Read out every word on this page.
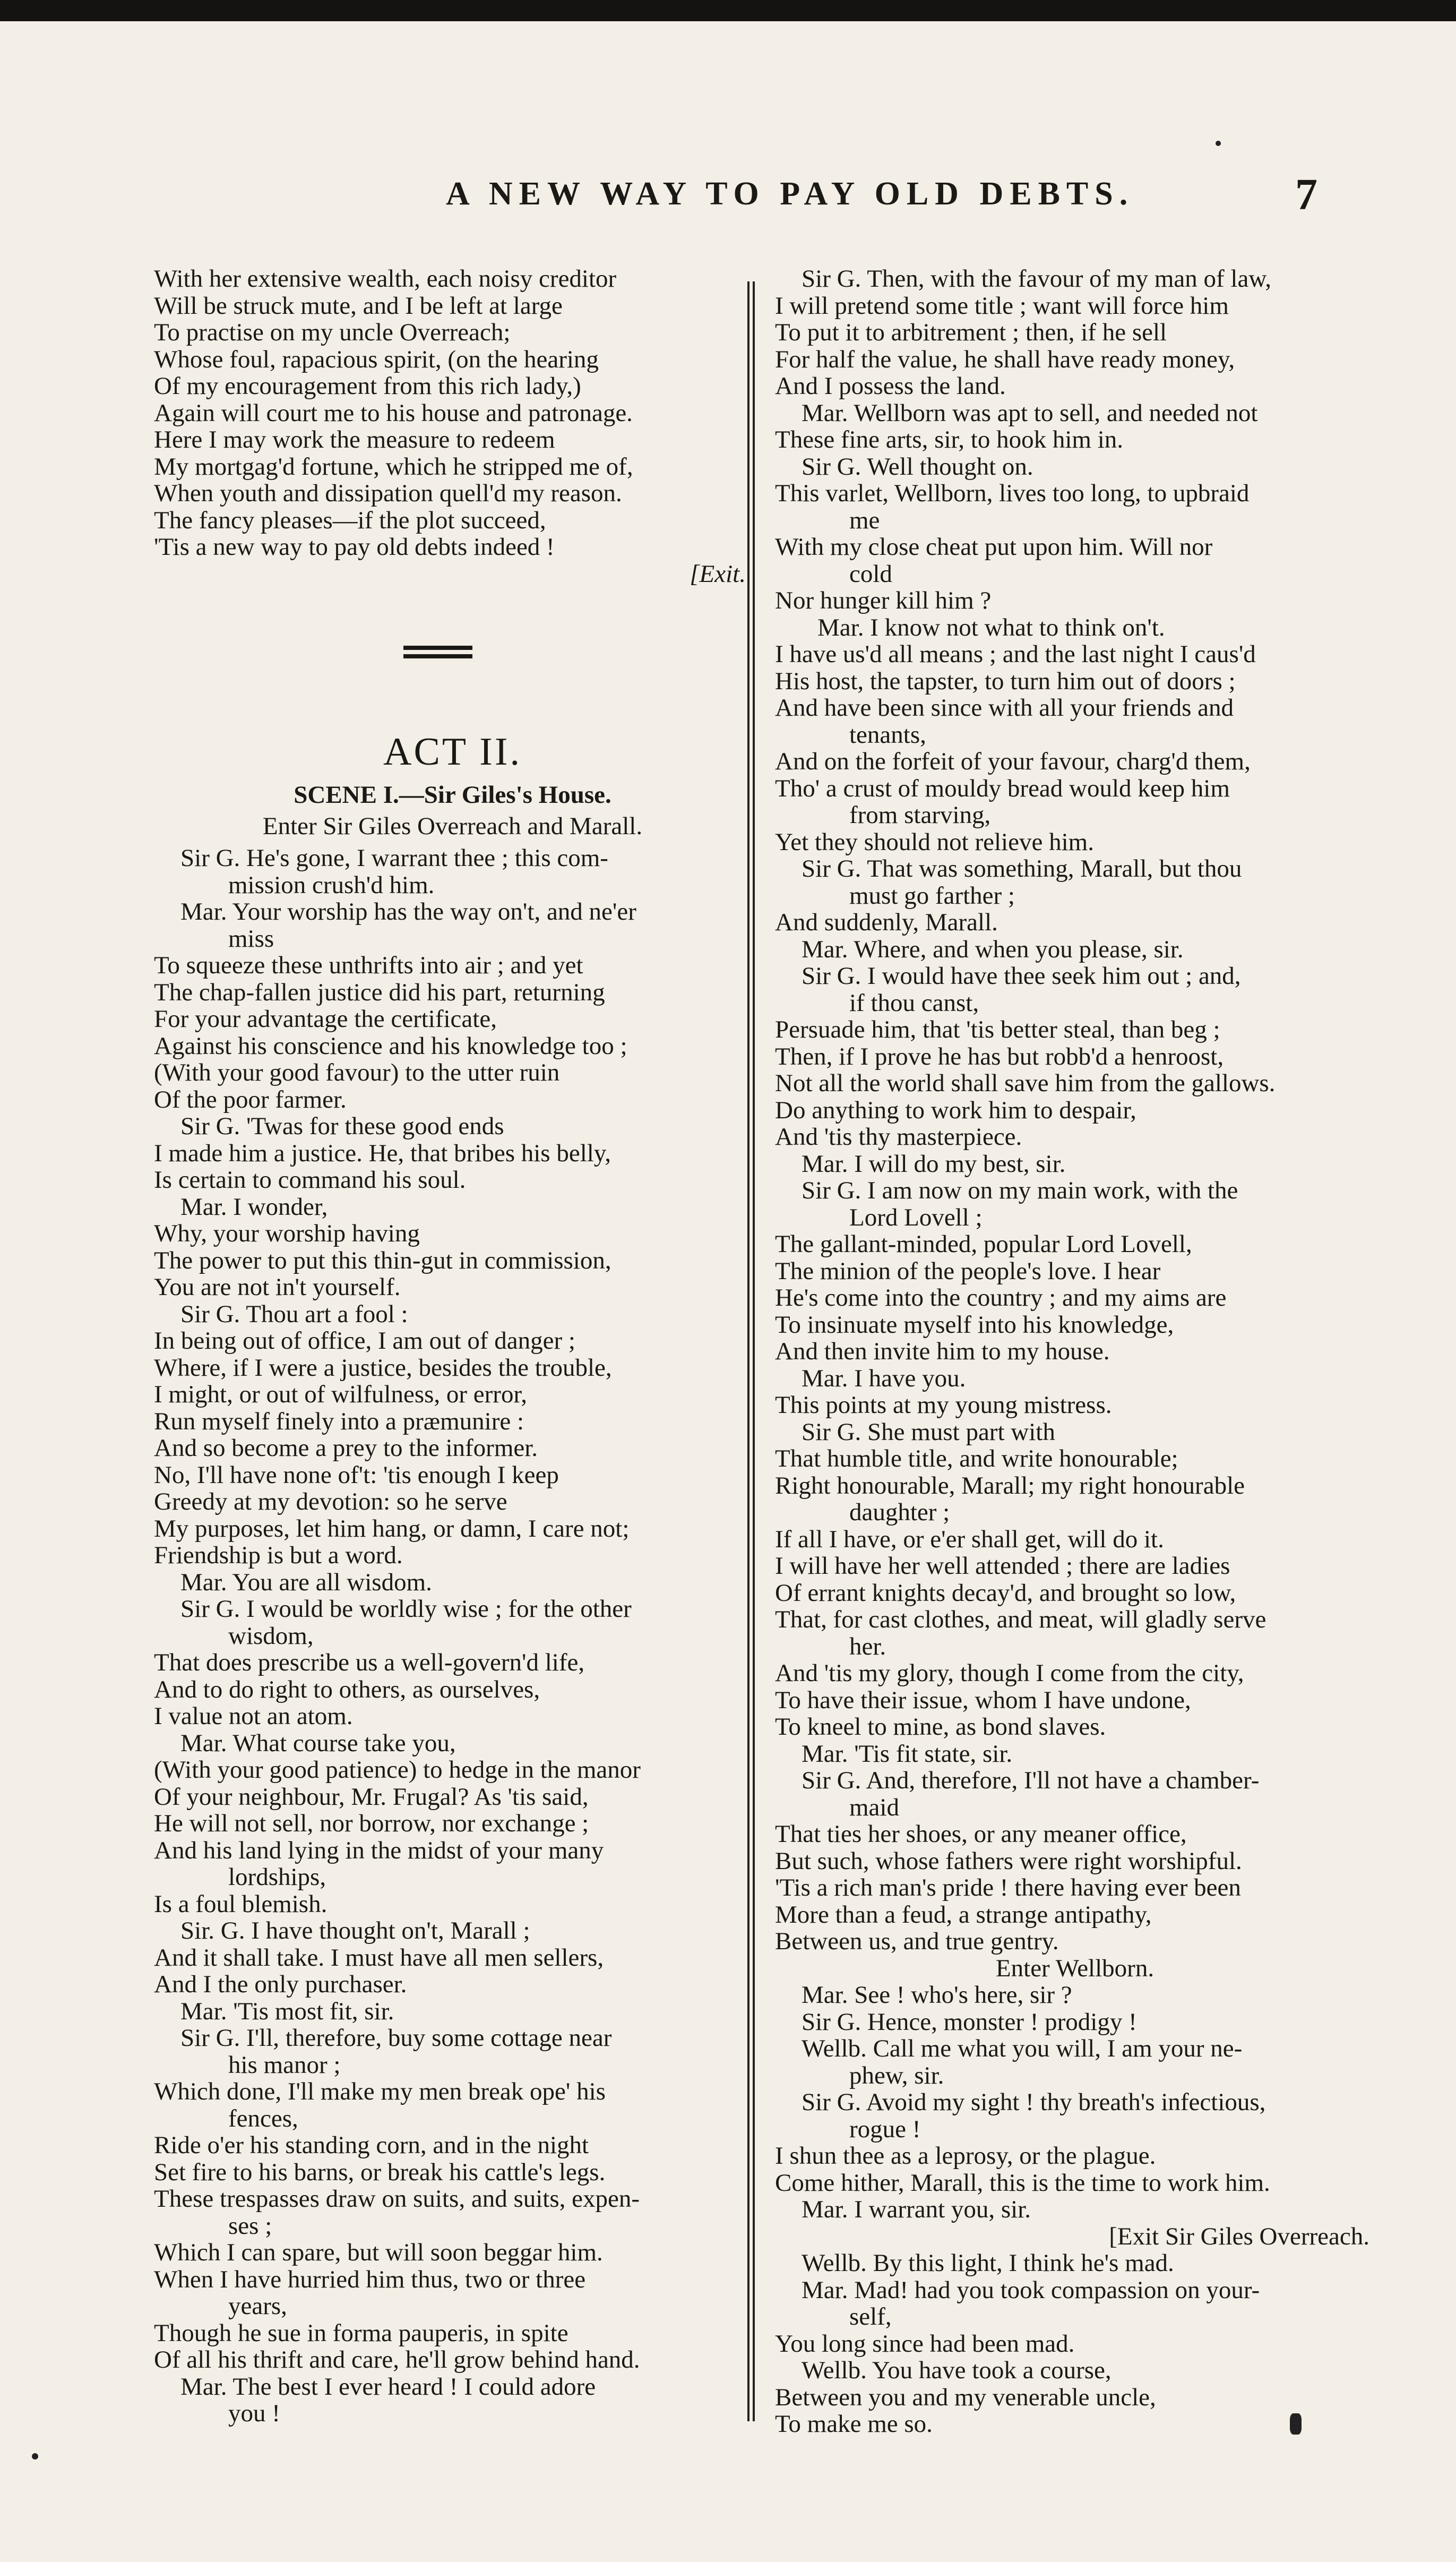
A NEW WAY TO PAY OLD DEBTS.	7
With her extensive wealth, each noisy creditor
Will be struck mute, and I be left at large
To practise on my uncle Overreach;
Whose foul, rapacious spirit, (on the hearing
Of my encouragement from this rich lady,)
Again will court me to his house and patronage.
Here I may work the measure to redeem
My mortgag'd fortune, which he stripped me of,
When youth and dissipation quell'd my reason.
The fancy pleases—if the plot succeed,
'Tis a new way to pay old debts indeed !
[Exit.
ACT II.
SCENE I.—Sir Giles's House.
Enter Sir Giles Overreach and Marall.
Sir G. He's gone, I warrant thee ; this com-
mission crush'd him.
Mar. Your worship has the way on't, and ne'er
miss
To squeeze these unthrifts into air ; and yet
The chap-fallen justice did his part, returning
For your advantage the certificate,
Against his conscience and his knowledge too ;
(With your good favour) to the utter ruin
Of the poor farmer.
Sir G. 'Twas for these good ends
I made him a justice. He, that bribes his belly,
Is certain to command his soul.
Mar. I wonder,
Why, your worship having
The power to put this thin-gut in commission,
You are not in't yourself.
Sir G. Thou art a fool :
In being out of office, I am out of danger ;
Where, if I were a justice, besides the trouble,
I might, or out of wilfulness, or error,
Run myself finely into a præmunire :
And so become a prey to the informer.
No, I'll have none of't: 'tis enough I keep
Greedy at my devotion: so he serve
My purposes, let him hang, or damn, I care not;
Friendship is but a word.
Mar. You are all wisdom.
Sir G. I would be worldly wise ; for the other
wisdom,
That does prescribe us a well-govern'd life,
And to do right to others, as ourselves,
I value not an atom.
Mar. What course take you,
(With your good patience) to hedge in the manor
Of your neighbour, Mr. Frugal? As 'tis said,
He will not sell, nor borrow, nor exchange ;
And his land lying in the midst of your many
lordships,
Is a foul blemish.
Sir. G. I have thought on't, Marall ;
And it shall take. I must have all men sellers,
And I the only purchaser.
Mar. 'Tis most fit, sir.
Sir G. I'll, therefore, buy some cottage near
his manor ;
Which done, I'll make my men break ope' his
fences,
Ride o'er his standing corn, and in the night
Set fire to his barns, or break his cattle's legs.
These trespasses draw on suits, and suits, expen-
ses ;
Which I can spare, but will soon beggar him.
When I have hurried him thus, two or three
years,
Though he sue in forma pauperis, in spite
Of all his thrift and care, he'll grow behind hand.
Mar. The best I ever heard ! I could adore
you !
Sir G. Then, with the favour of my man of law,
I will pretend some title ; want will force him
To put it to arbitrement ; then, if he sell
For half the value, he shall have ready money,
And I possess the land.
Mar. Wellborn was apt to sell, and needed not
These fine arts, sir, to hook him in.
Sir G. Well thought on.
This varlet, Wellborn, lives too long, to upbraid
me
With my close cheat put upon him. Will nor
cold
Nor hunger kill him ?
Mar. I know not what to think on't.
I have us'd all means ; and the last night I caus'd
His host, the tapster, to turn him out of doors ;
And have been since with all your friends and
tenants,
And on the forfeit of your favour, charg'd them,
Tho' a crust of mouldy bread would keep him
from starving,
Yet they should not relieve him.
Sir G. That was something, Marall, but thou
must go farther ;
And suddenly, Marall.
Mar. Where, and when you please, sir.
Sir G. I would have thee seek him out ; and,
if thou canst,
Persuade him, that 'tis better steal, than beg ;
Then, if I prove he has but robb'd a henroost,
Not all the world shall save him from the gallows.
Do anything to work him to despair,
And 'tis thy masterpiece.
Mar. I will do my best, sir.
Sir G. I am now on my main work, with the
Lord Lovell ;
The gallant-minded, popular Lord Lovell,
The minion of the people's love. I hear
He's come into the country ; and my aims are
To insinuate myself into his knowledge,
And then invite him to my house.
Mar. I have you.
This points at my young mistress.
Sir G. She must part with
That humble title, and write honourable;
Right honourable, Marall; my right honourable
daughter ;
If all I have, or e'er shall get, will do it.
I will have her well attended ; there are ladies
Of errant knights decay'd, and brought so low,
That, for cast clothes, and meat, will gladly serve
her.
And 'tis my glory, though I come from the city,
To have their issue, whom I have undone,
To kneel to mine, as bond slaves.
Mar. 'Tis fit state, sir.
Sir G. And, therefore, I'll not have a chamber-
maid
That ties her shoes, or any meaner office,
But such, whose fathers were right worshipful.
'Tis a rich man's pride ! there having ever been
More than a feud, a strange antipathy,
Between us, and true gentry.
Enter Wellborn.
Mar. See ! who's here, sir ?
Sir G. Hence, monster ! prodigy !
Wellb. Call me what you will, I am your ne-
phew, sir.
Sir G. Avoid my sight ! thy breath's infectious,
rogue !
I shun thee as a leprosy, or the plague.
Come hither, Marall, this is the time to work him.
Mar. I warrant you, sir.
[Exit Sir Giles Overreach.
Wellb. By this light, I think he's mad.
Mar. Mad! had you took compassion on your-
self,
You long since had been mad.
Wellb. You have took a course,
Between you and my venerable uncle,
To make me so.
